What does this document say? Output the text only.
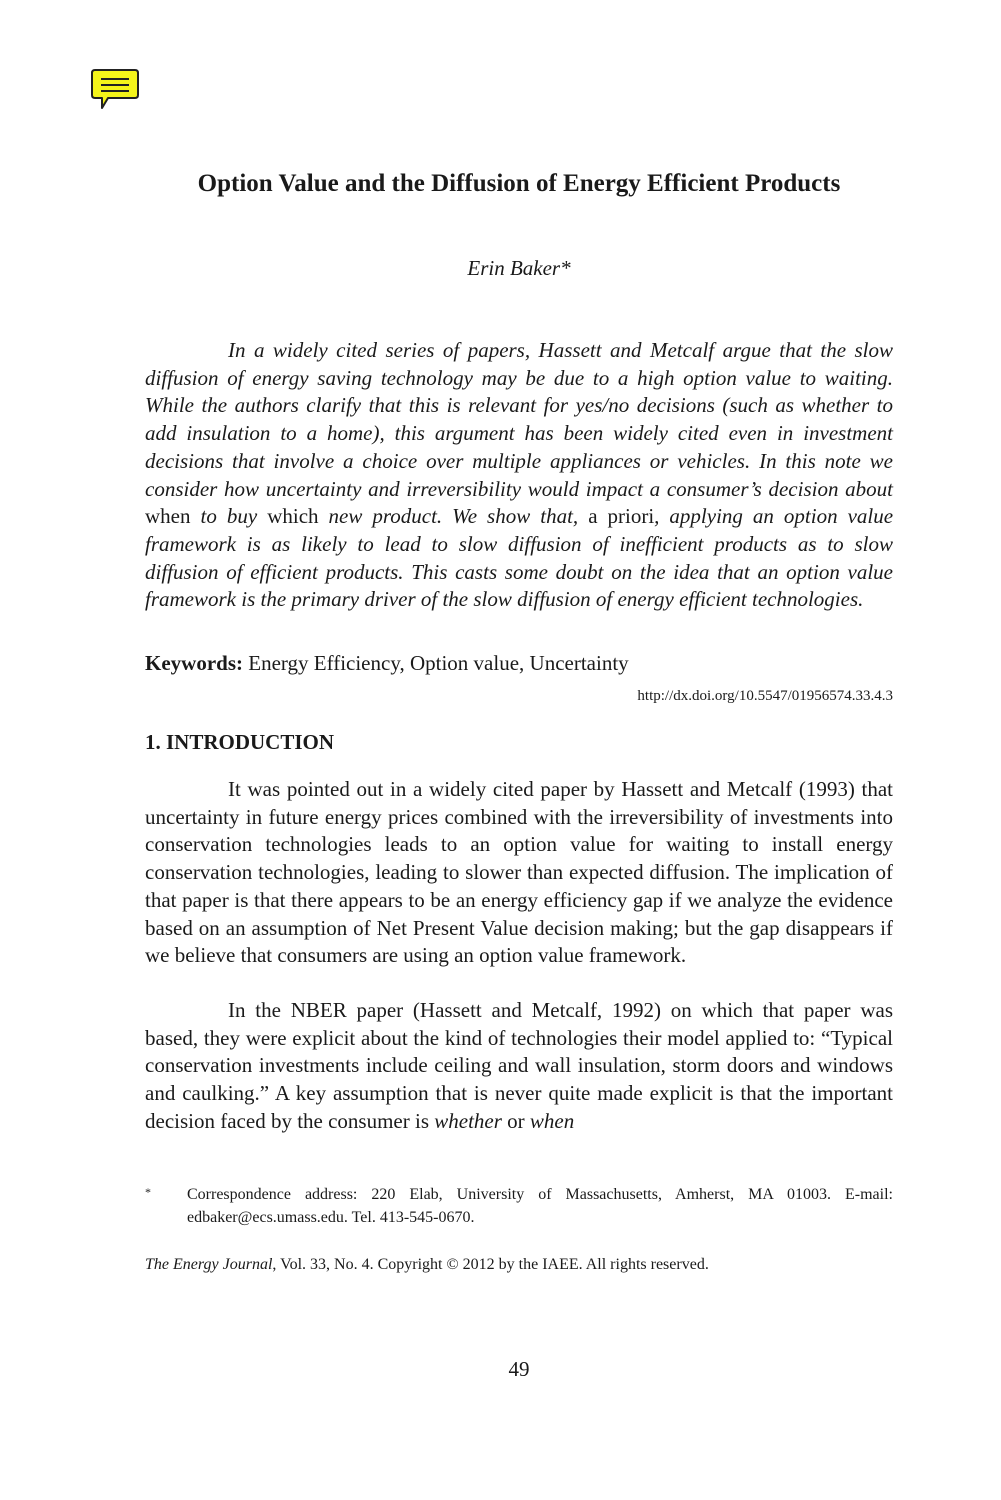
Option Value and the Diffusion of Energy Efficient Products
Erin Baker*

In a widely cited series of papers, Hassett and Metcalf argue that the slow diffusion of energy saving technology may be due to a high option value to waiting. While the authors clarify that this is relevant for yes/no decisions (such as whether to add insulation to a home), this argument has been widely cited even in investment decisions that involve a choice over multiple appliances or vehicles. In this note we consider how uncertainty and irreversibility would impact a consumer’s decision about when to buy which new product. We show that, a priori, applying an option value framework is as likely to lead to slow diffusion of inefficient products as to slow diffusion of efficient products. This casts some doubt on the idea that an option value framework is the primary driver of the slow diffusion of energy efficient technologies.

Keywords: Energy Efficiency, Option value, Uncertainty
http://dx.doi.org/10.5547/01956574.33.4.3
1. INTRODUCTION

It was pointed out in a widely cited paper by Hassett and Metcalf (1993) that uncertainty in future energy prices combined with the irreversibility of investments into conservation technologies leads to an option value for waiting to install energy conservation technologies, leading to slower than expected diffusion. The implication of that paper is that there appears to be an energy efficiency gap if we analyze the evidence based on an assumption of Net Present Value decision making; but the gap disappears if we believe that consumers are using an option value framework.

In the NBER paper (Hassett and Metcalf, 1992) on which that paper was based, they were explicit about the kind of technologies their model applied to: “Typical conservation investments include ceiling and wall insulation, storm doors and windows and caulking.” A key assumption that is never quite made explicit is that the important decision faced by the consumer is whether or when

* Correspondence address: 220 Elab, University of Massachusetts, Amherst, MA 01003. E-mail: edbaker@ecs.umass.edu. Tel. 413-545-0670.
The Energy Journal, Vol. 33, No. 4. Copyright © 2012 by the IAEE. All rights reserved.
49
